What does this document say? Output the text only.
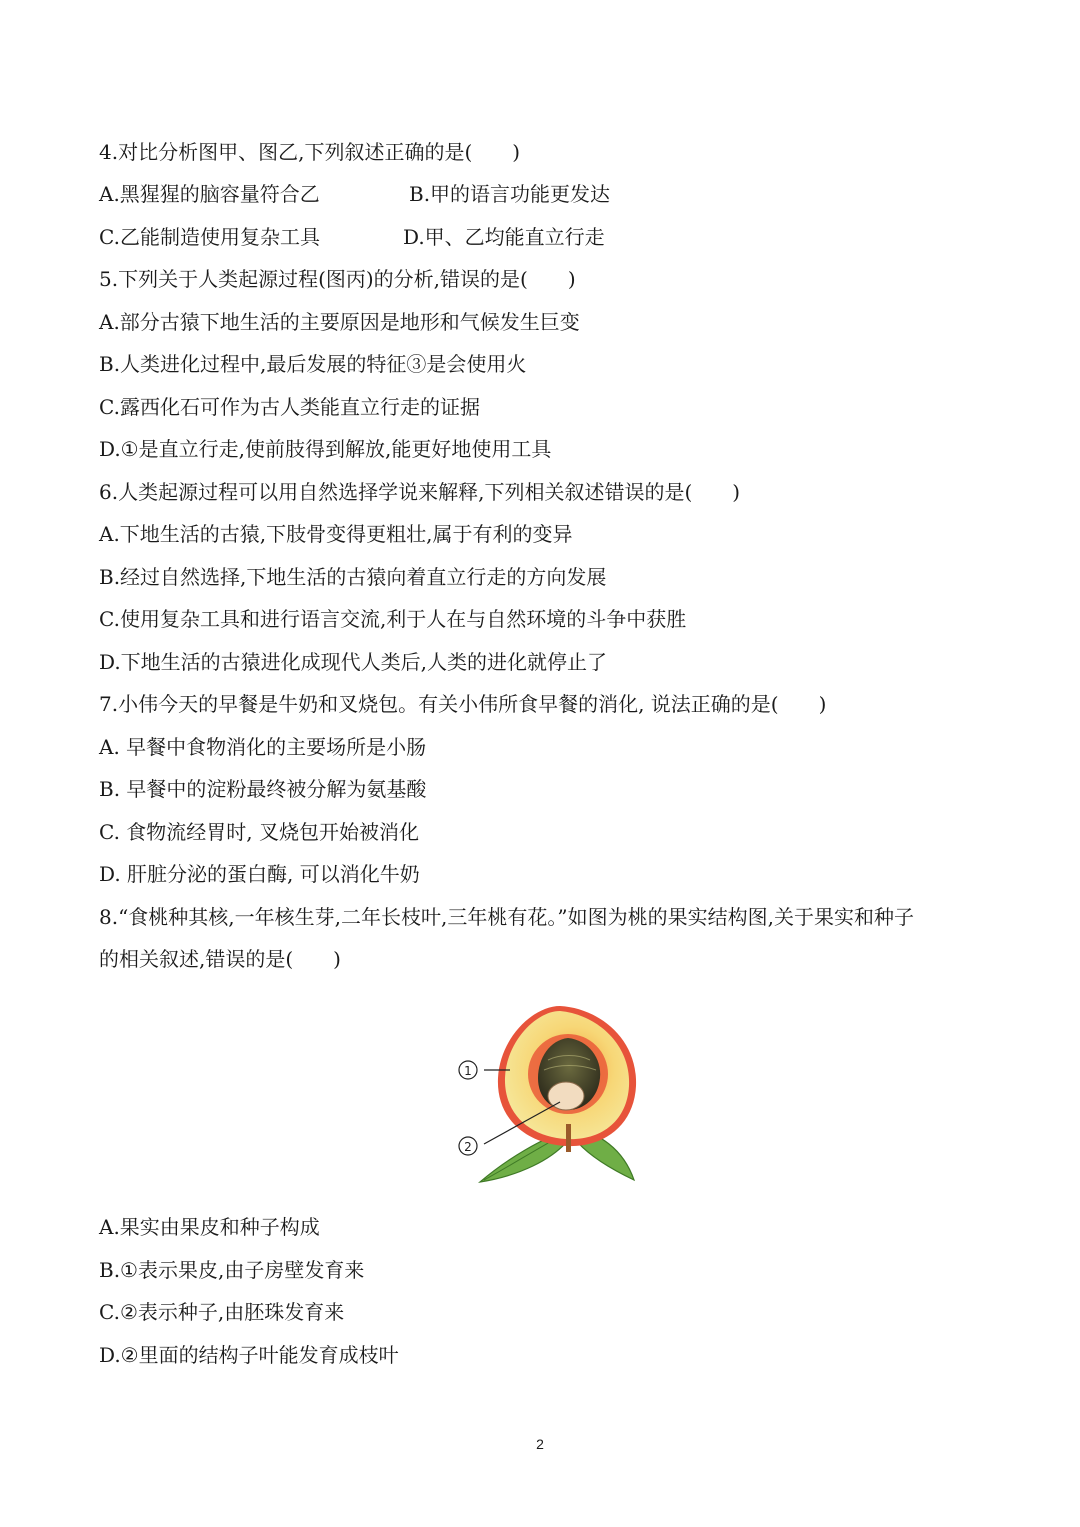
4.对比分析图甲、图乙,下列叙述正确的是(　　)
A.黑猩猩的脑容量符合乙	B.甲的语言功能更发达
C.乙能制造使用复杂工具	D.甲、乙均能直立行走
5.下列关于人类起源过程(图丙)的分析,错误的是(　　)
A.部分古猿下地生活的主要原因是地形和气候发生巨变
B.人类进化过程中,最后发展的特征③是会使用火
C.露西化石可作为古人类能直立行走的证据
D.①是直立行走,使前肢得到解放,能更好地使用工具
6.人类起源过程可以用自然选择学说来解释,下列相关叙述错误的是(　　)
A.下地生活的古猿,下肢骨变得更粗壮,属于有利的变异
B.经过自然选择,下地生活的古猿向着直立行走的方向发展
C.使用复杂工具和进行语言交流,利于人在与自然环境的斗争中获胜
D.下地生活的古猿进化成现代人类后,人类的进化就停止了
7.小伟今天的早餐是牛奶和叉烧包。有关小伟所食早餐的消化, 说法正确的是(　　)
A. 早餐中食物消化的主要场所是小肠
B. 早餐中的淀粉最终被分解为氨基酸
C. 食物流经胃时, 叉烧包开始被消化
D. 肝脏分泌的蛋白酶, 可以消化牛奶
8.“食桃种其核,一年核生芽,二年长枝叶,三年桃有花。”如图为桃的果实结构图,关于果实和种子
的相关叙述,错误的是(　　)
1
2
A.果实由果皮和种子构成
B.①表示果皮,由子房壁发育来
C.②表示种子,由胚珠发育来
D.②里面的结构子叶能发育成枝叶
2
